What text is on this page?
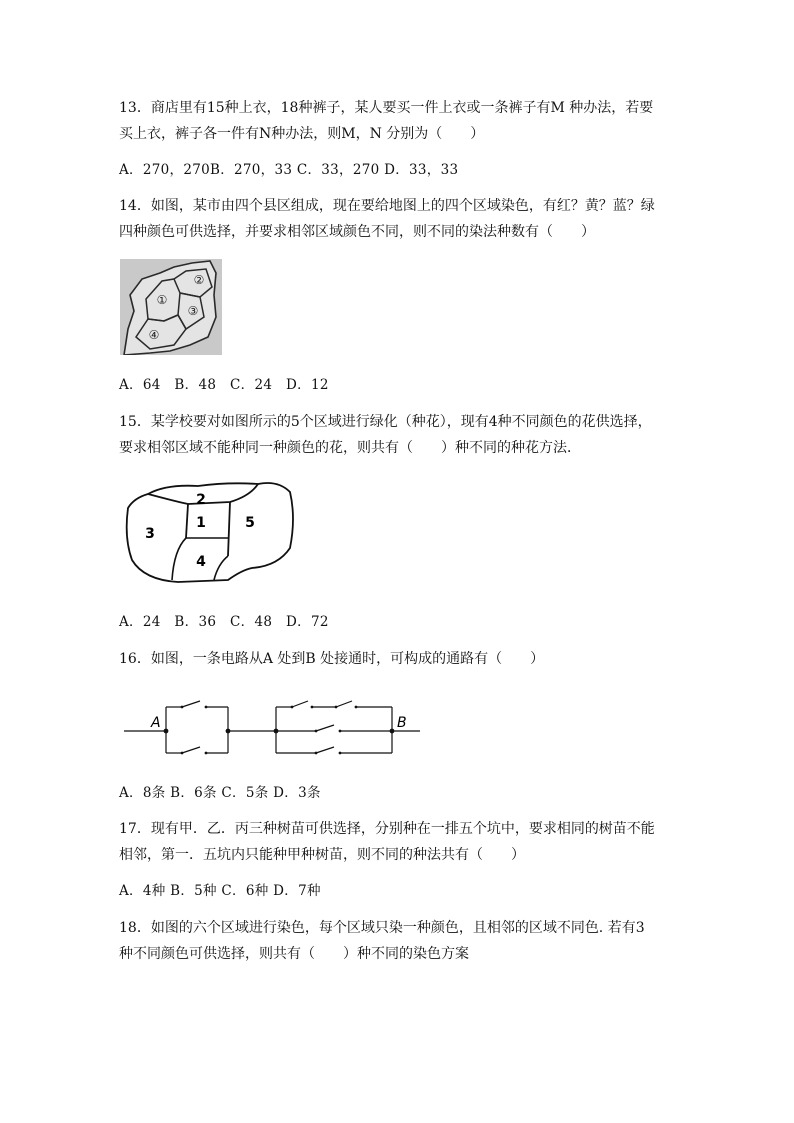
13．商店里有15种上衣，18种裤子，某人要买一件上衣或一条裤子有M 种办法，若要
买上衣，裤子各一件有N种办法，则M，N 分别为（　　）
A．270，270B．270，33 C．33，270 D．33，33
14．如图，某市由四个县区组成，现在要给地图上的四个区域染色，有红？黄？蓝？绿
四种颜色可供选择，并要求相邻区域颜色不同，则不同的染法种数有（　　）
①
②
③
④
A．64　B．48　C．24　D．12
15．某学校要对如图所示的5个区域进行绿化（种花），现有4种不同颜色的花供选择，
要求相邻区域不能种同一种颜色的花，则共有（　　）种不同的种花方法．
2
1
3
4
5
A．24　B．36　C．48　D．72
16．如图，一条电路从A 处到B 处接通时，可构成的通路有（　　）
A	B
A．8条 B．6条 C．5条 D．3条
17．现有甲．乙．丙三种树苗可供选择，分别种在一排五个坑中，要求相同的树苗不能
相邻，第一．五坑内只能种甲种树苗，则不同的种法共有（　　）
A．4种 B．5种 C．6种 D．7种
18．如图的六个区域进行染色，每个区域只染一种颜色，且相邻的区域不同色. 若有3
种不同颜色可供选择，则共有（　　）种不同的染色方案
